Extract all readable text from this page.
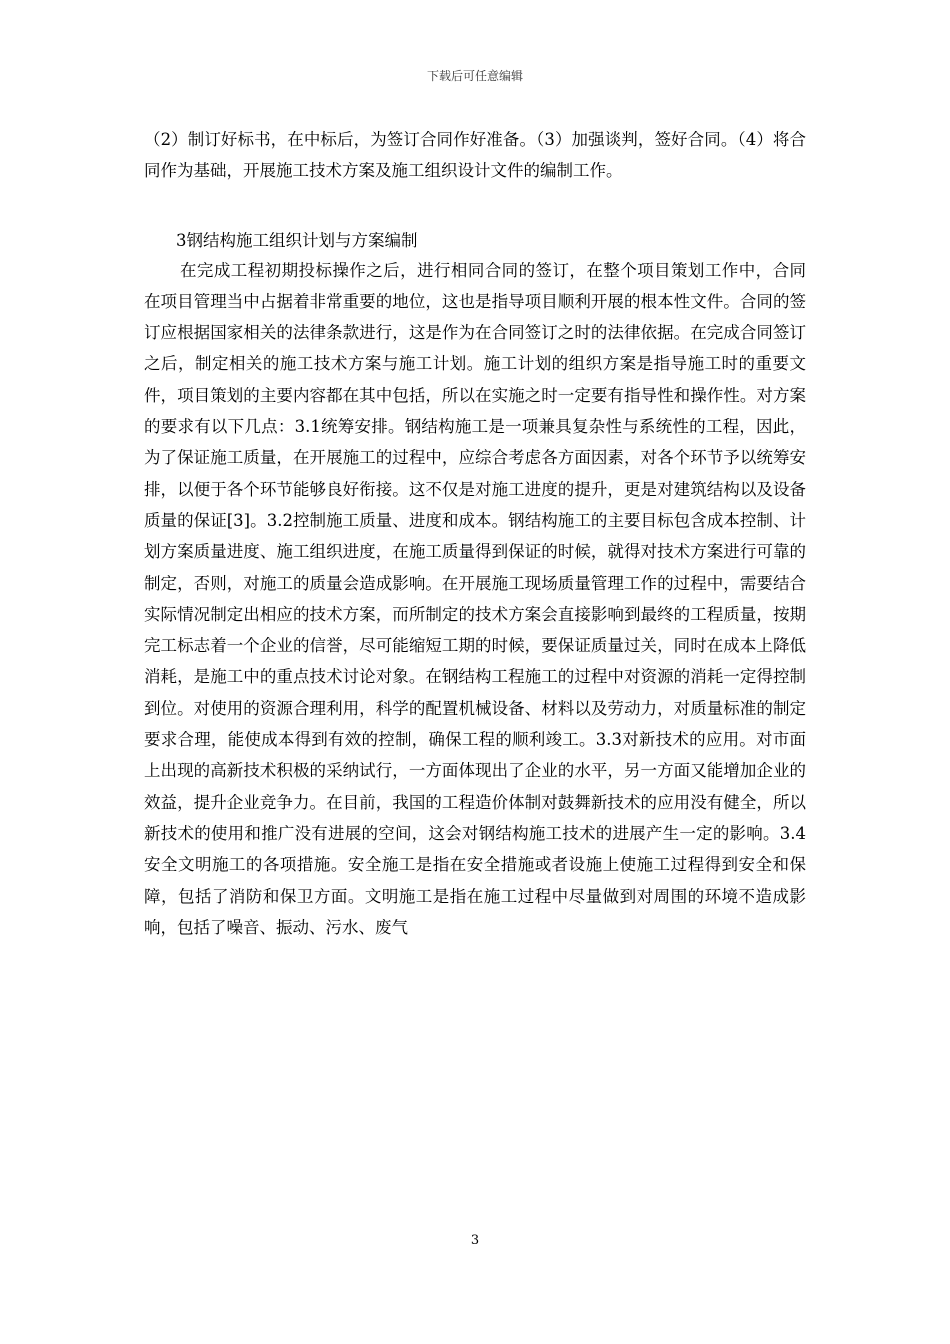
下载后可任意编辑

（2）制订好标书，在中标后，为签订合同作好准备。（3）加强谈判，签好合同。（4）将合同作为基础，开展施工技术方案及施工组织设计文件的编制工作。

3钢结构施工组织计划与方案编制

在完成工程初期投标操作之后，进行相同合同的签订，在整个项目策划工作中，合同在项目管理当中占据着非常重要的地位，这也是指导项目顺利开展的根本性文件。合同的签订应根据国家相关的法律条款进行，这是作为在合同签订之时的法律依据。在完成合同签订之后，制定相关的施工技术方案与施工计划。施工计划的组织方案是指导施工时的重要文件，项目策划的主要内容都在其中包括，所以在实施之时一定要有指导性和操作性。对方案的要求有以下几点：3.1统筹安排。钢结构施工是一项兼具复杂性与系统性的工程，因此，为了保证施工质量，在开展施工的过程中，应综合考虑各方面因素，对各个环节予以统筹安排，以便于各个环节能够良好衔接。这不仅是对施工进度的提升，更是对建筑结构以及设备质量的保证[3]。3.2控制施工质量、进度和成本。钢结构施工的主要目标包含成本控制、计划方案质量进度、施工组织进度，在施工质量得到保证的时候，就得对技术方案进行可靠的制定，否则，对施工的质量会造成影响。在开展施工现场质量管理工作的过程中，需要结合实际情况制定出相应的技术方案，而所制定的技术方案会直接影响到最终的工程质量，按期完工标志着一个企业的信誉，尽可能缩短工期的时候，要保证质量过关，同时在成本上降低消耗，是施工中的重点技术讨论对象。在钢结构工程施工的过程中对资源的消耗一定得控制到位。对使用的资源合理利用，科学的配置机械设备、材料以及劳动力，对质量标准的制定要求合理，能使成本得到有效的控制，确保工程的顺利竣工。3.3对新技术的应用。对市面上出现的高新技术积极的采纳试行，一方面体现出了企业的水平，另一方面又能增加企业的效益，提升企业竞争力。在目前，我国的工程造价体制对鼓舞新技术的应用没有健全，所以新技术的使用和推广没有进展的空间，这会对钢结构施工技术的进展产生一定的影响。3.4安全文明施工的各项措施。安全施工是指在安全措施或者设施上使施工过程得到安全和保障，包括了消防和保卫方面。文明施工是指在施工过程中尽量做到对周围的环境不造成影响，包括了噪音、振动、污水、废气

3
